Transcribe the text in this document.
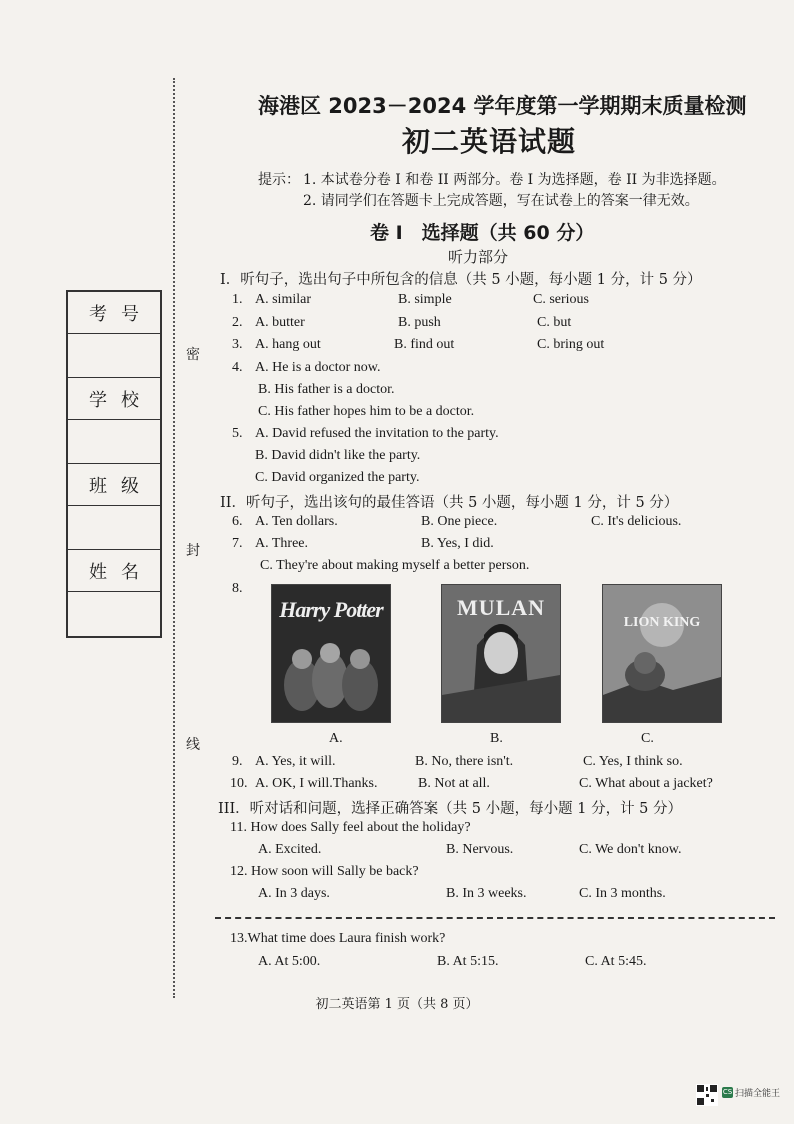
密
封
线
考号
学校
班级
姓名
海港区 2023－2024 学年度第一学期期末质量检测
初二英语试题
提示： 1. 本试卷分卷 I 和卷 II 两部分。卷 I 为选择题，卷 II 为非选择题。
2. 请同学们在答题卡上完成答题，写在试卷上的答案一律无效。
卷 I　选择题（共 60 分）
听力部分
I．听句子，选出句子中所包含的信息（共 5 小题，每小题 1 分，计 5 分）
1. A. similar	B. simple	C. serious
2. A. butter	B. push	C. but
3. A. hang out	B. find out	C. bring out
4. A. He is a doctor now.
B. His father is a doctor.
C. His father hopes him to be a doctor.
5. A. David refused the invitation to the party.
B. David didn't like the party.
C. David organized the party.
II．听句子，选出该句的最佳答语（共 5 小题，每小题 1 分，计 5 分）
6. A. Ten dollars.	B. One piece.	C. It's delicious.
7. A. Three.	B. Yes, I did.
C. They're about making myself a better person.
8.
Harry Potter	MULAN
LION KING
A.	B.	C.
9. A. Yes, it will.	B. No, there isn't.	C. Yes, I think so.
10. A. OK, I will.Thanks.	B. Not at all.	C. What about a jacket?
III．听对话和问题，选择正确答案（共 5 小题，每小题 1 分，计 5 分）
11. How does Sally feel about the holiday?
A. Excited.	B. Nervous.	C. We don't know.
12. How soon will Sally be back?
A. In 3 days.	B. In 3 weeks.	C. In 3 months.
13.What time does Laura finish work?
A. At 5:00.	B. At 5:15.	C. At 5:45.
初二英语第 1 页（共 8 页）
CS 扫描全能王
